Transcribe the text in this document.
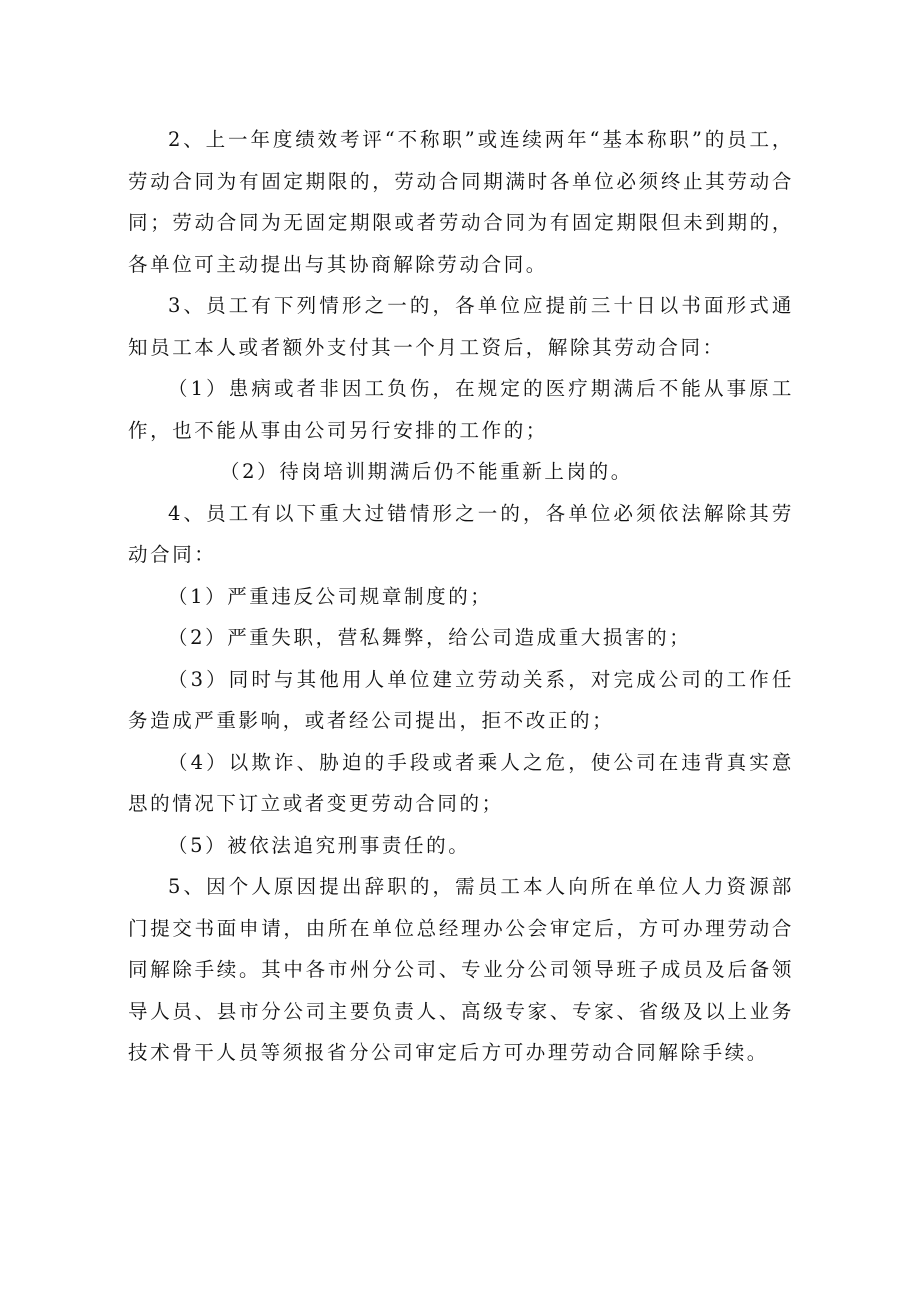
2、上一年度绩效考评“不称职”或连续两年“基本称职”的员工，劳动合同为有固定期限的，劳动合同期满时各单位必须终止其劳动合同；劳动合同为无固定期限或者劳动合同为有固定期限但未到期的，各单位可主动提出与其协商解除劳动合同。

3、员工有下列情形之一的，各单位应提前三十日以书面形式通知员工本人或者额外支付其一个月工资后，解除其劳动合同：

（1）患病或者非因工负伤，在规定的医疗期满后不能从事原工作，也不能从事由公司另行安排的工作的；

（2）待岗培训期满后仍不能重新上岗的。

4、员工有以下重大过错情形之一的，各单位必须依法解除其劳动合同：

（1）严重违反公司规章制度的；

（2）严重失职，营私舞弊，给公司造成重大损害的；

（3）同时与其他用人单位建立劳动关系，对完成公司的工作任务造成严重影响，或者经公司提出，拒不改正的；

（4）以欺诈、胁迫的手段或者乘人之危，使公司在违背真实意思的情况下订立或者变更劳动合同的；

（5）被依法追究刑事责任的。

5、因个人原因提出辞职的，需员工本人向所在单位人力资源部门提交书面申请，由所在单位总经理办公会审定后，方可办理劳动合同解除手续。其中各市州分公司、专业分公司领导班子成员及后备领导人员、县市分公司主要负责人、高级专家、专家、省级及以上业务技术骨干人员等须报省分公司审定后方可办理劳动合同解除手续。
